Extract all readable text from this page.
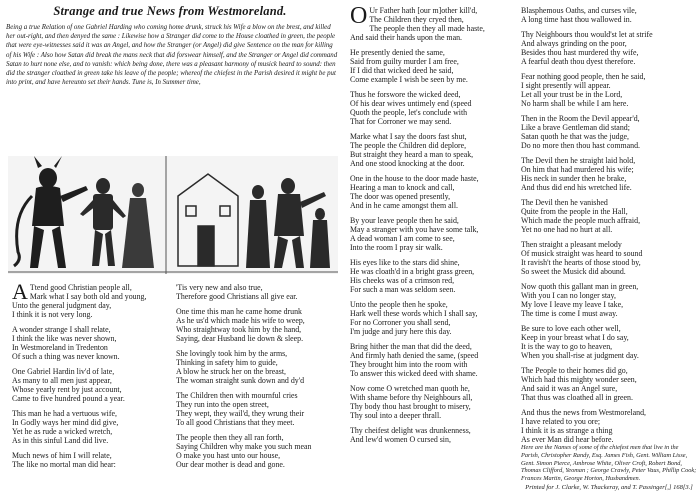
Strange and true News from Westmoreland.
Being a true Relation of one Gabriel Harding who coming home drunk, struck his Wife a blow on the brest, and killed her out-right, and then denyed the same : Likewise how a Stranger did come to the House cloathed in green, the people that were eye-witnesses said it was an Angel, and how the Stranger (or Angel) did give Sentence on the man for killing of his Wife : Also how Satan did break the mans neck that did forswear himself, and the Stranger or Angel did command Satan to hurt none else, and to vanish: which being done, there was a pleasant harmony of musick heard to sound: then did the stranger cloathed in green take his leave of the people; whereof the chiefest in the Parish desired it might be put into print, and have hereunto set their hands. Tune is, In Summer time,
A Ttend good Christian people all,
Mark what I say both old and young,
Unto the general judgment day,
I think it is not very long.
A wonder strange I shall relate,
I think the like was never shown,
In Westmoreland in Tredenton
Of such a thing was never known.
One Gabriel Hardin liv'd of late,
As many to all men just appear,
Whose yearly rent by just account,
Came to five hundred pound a year.
This man he had a vertuous wife,
In Godly ways her mind did give,
Yet he as rude a wicked wretch,
As in this sinful Land did live.
Much news of him I will relate,
The like no mortal man did hear:
'Tis very new and also true,
Therefore good Christians all give ear.
One time this man he came home drunk
As he us'd which made his wife to weep,
Who straightway took him by the hand,
Saying, dear Husband lie down & sleep.
She lovingly took him by the arms,
Thinking in safety him to guide,
A blow he struck her on the breast,
The woman straight sunk down and dy'd
The Children then with mournful cries
They run into the open street,
They wept, they wail'd, they wrung their
To all good Christians that they meet.
The people then they all ran forth,
Saying Children why make you such mean
O make you hast unto our house,
Our dear mother is dead and gone.
O Ur Father hath [our m]other kill'd,
The Children they cryed then,
The people then they all made haste,
And said their hands upon the man.
He presently denied the same,
Said from guilty murder I am free,
If I did that wicked deed he said,
Come example I wish be seen by me.
Thus he forswore the wicked deed,
Of his dear wives untimely end (speed
Quoth the people, let's conclude with
That for Corroner we may send.
Marke what I say the doors fast shut,
The people the Children did deplore,
But straight they heard a man to speak,
And one stood knocking at the door.
One in the house to the door made haste,
Hearing a man to knock and call,
The door was opened presently,
And in he came amongst them all.
By your leave people then he said,
May a stranger with you have some talk,
A dead woman I am come to see,
Into the room I pray sir walk.
His eyes like to the stars did shine,
He was cloath'd in a bright grass green,
His cheeks was of a crimson red,
For such a man was seldom seen.
Unto the people then he spoke,
Hark well these words which I shall say,
For no Corroner you shall send,
I'm judge and jury here this day.
Bring hither the man that did the deed,
And firmly hath denied the same, (speed
They brought him into the room with
To answer this wicked deed with shame.
Now come O wretched man quoth he,
With shame before thy Neighbours all,
Thy body thou hast brought to misery,
Thy soul into a deeper thrall.
Thy cheifest delight was drunkenness,
And lew'd women O cursed sin,
Blasphemous Oaths, and curses vile,
A long time hast thou wallowed in.
Thy Neighbours thou would'st let at strife
And always grinding on the poor,
Besides thou hast murdered thy wife,
A fearful death thou dyest therefore.
Fear nothing good people, then he said,
I sight presently will appear.
Let all your trust be in the Lord,
No harm shall be while I am here.
Then in the Room the Devil appear'd,
Like a brave Gentleman did stand;
Satan quoth he that was the judge,
Do no more then thou hast command.
The Devil then he straight laid hold,
On him that had murdered his wife;
His neck in sunder then he brake,
And thus did end his wretched life.
The Devil then he vanished
Quite from the people in the Hall,
Which made the people much affraid,
Yet no one had no hurt at all.
Then straight a pleasant melody
Of musick straight was heard to sound
It ravish't the hearts of those stood by,
So sweet the Musick did abound.
Now quoth this gallant man in green,
With you I can no longer stay,
My love I leave my leave I take,
The time is come I must away.
Be sure to love each other well,
Keep in your breast what I do say,
It is the way to go to heaven,
When you shall-rise at judgment day.
The People to their homes did go,
Which had this mighty wonder seen,
And said it was an Angel sure,
That thus was cloathed all in green.
And thus the news from Westmoreland,
I have related to you ore;
I think it is as strange a thing
As ever Man did hear before.
Here are the Names of some of the chiefest men that live in the Parish, Christopher Randy, Esq. James Fish, Gent. William Lisse, Gent. Simon Pierce, Ambrose White, Oliver Croft, Robert Bond, Thomas Clifford, Yeoman ; George Crawly, Peter Vaus, Phillip Cook; Frances Martin, George Horton, Husbandmen.
Printed for J. Clarke, W. Thackeray, and T. Passinger[,] 168[3.]
